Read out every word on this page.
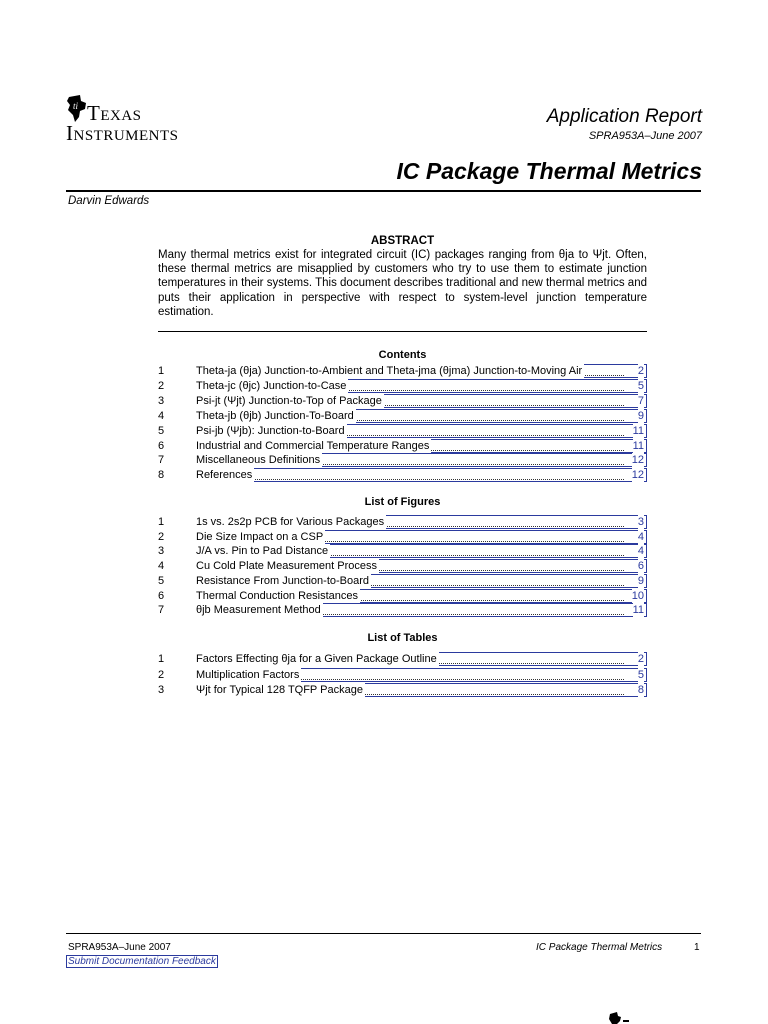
ti Texas
Instruments
Application Report
SPRA953A–June 2007
IC Package Thermal Metrics
Darvin Edwards
ABSTRACT
Many thermal metrics exist for integrated circuit (IC) packages ranging from θja to Ψjt. Often, these thermal metrics are misapplied by customers who try to use them to estimate junction temperatures in their systems. This document describes traditional and new thermal metrics and puts their application in perspective with respect to system-level junction temperature estimation.
Contents
1	Theta-ja (θja) Junction-to-Ambient and Theta-jma (θjma) Junction-to-Moving Air	2
2	Theta-jc (θjc) Junction-to-Case	5
3	Psi-jt (Ψjt) Junction-to-Top of Package	7
4	Theta-jb (θjb) Junction-To-Board	9
5	Psi-jb (Ψjb): Junction-to-Board	11
6	Industrial and Commercial Temperature Ranges	11
7	Miscellaneous Definitions	12
8	References	12
List of Figures
1	1s vs. 2s2p PCB for Various Packages	3
2	Die Size Impact on a CSP	4
3	J/A vs. Pin to Pad Distance	4
4	Cu Cold Plate Measurement Process	6
5	Resistance From Junction-to-Board	9
6	Thermal Conduction Resistances	10
7	θjb Measurement Method	11
List of Tables
1	Factors Effecting θja for a Given Package Outline	2
2	Multiplication Factors	5
3	Ψjt for Typical 128 TQFP Package	8
SPRA953A–June 2007	IC Package Thermal Metrics	1
Submit Documentation Feedback
